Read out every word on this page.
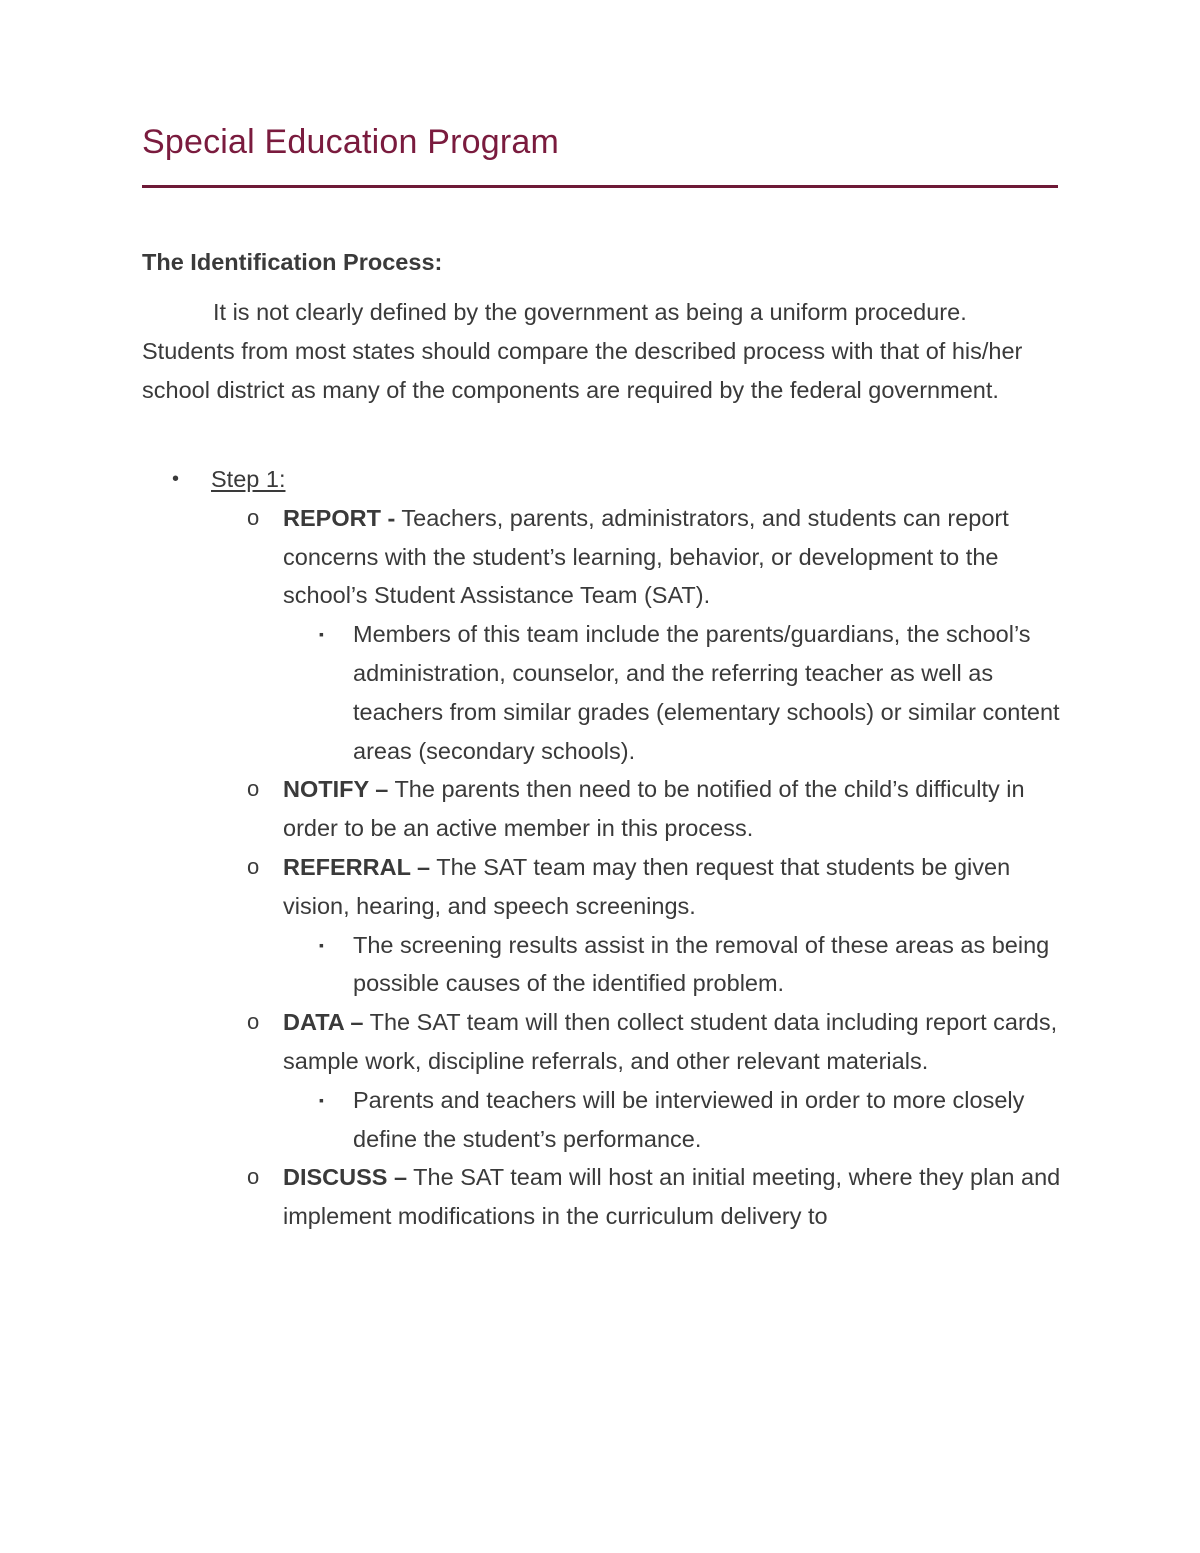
Special Education Program
The Identification Process:

It is not clearly defined by the government as being a uniform procedure. Students from most states should compare the described process with that of his/her school district as many of the components are required by the federal government.

• Step 1:
o REPORT - Teachers, parents, administrators, and students can report concerns with the student’s learning, behavior, or development to the school’s Student Assistance Team (SAT).
▪ Members of this team include the parents/guardians, the school’s administration, counselor, and the referring teacher as well as teachers from similar grades (elementary schools) or similar content areas (secondary schools).
o NOTIFY – The parents then need to be notified of the child’s difficulty in order to be an active member in this process.
o REFERRAL – The SAT team may then request that students be given vision, hearing, and speech screenings.
▪ The screening results assist in the removal of these areas as being possible causes of the identified problem.
o DATA – The SAT team will then collect student data including report cards, sample work, discipline referrals, and other relevant materials.
▪ Parents and teachers will be interviewed in order to more closely define the student’s performance.
o DISCUSS – The SAT team will host an initial meeting, where they plan and implement modifications in the curriculum delivery to
